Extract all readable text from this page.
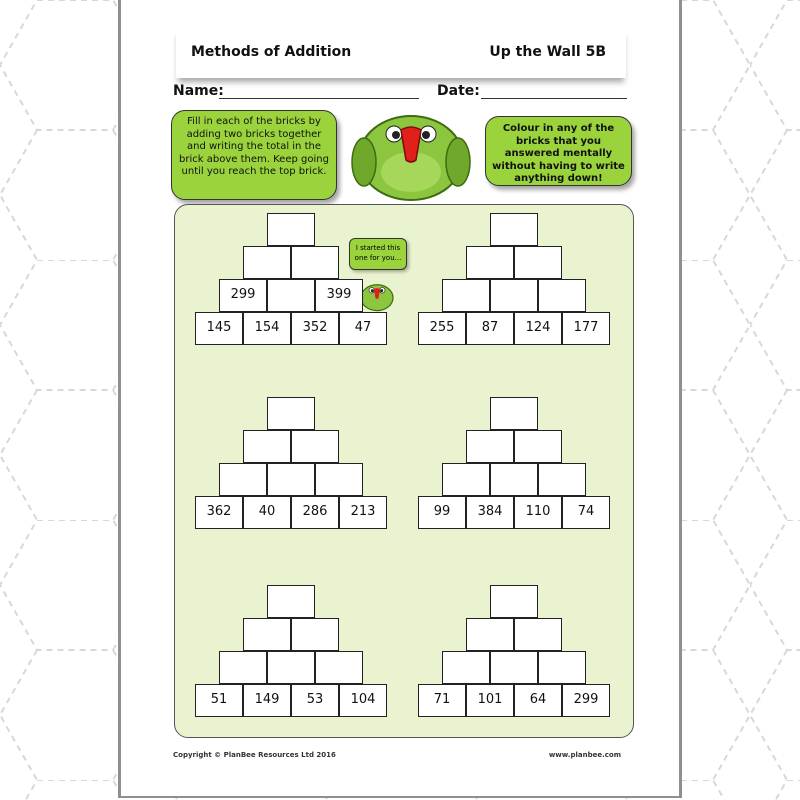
Methods of Addition	Up the Wall 5B
Name:	Date:
Fill in each of the bricks by adding two bricks together and writing the total in the brick above them. Keep going until you reach the top brick.
Colour in any of the bricks that you answered mentally without having to write anything down!
I started this one for you...
145	154	352	47
299	399
255	87	124	177
362	40	286	213	99	384	110	74
51	149	53	104	71	101	64	299
Copyright © PlanBee Resources Ltd 2016	www.planbee.com
